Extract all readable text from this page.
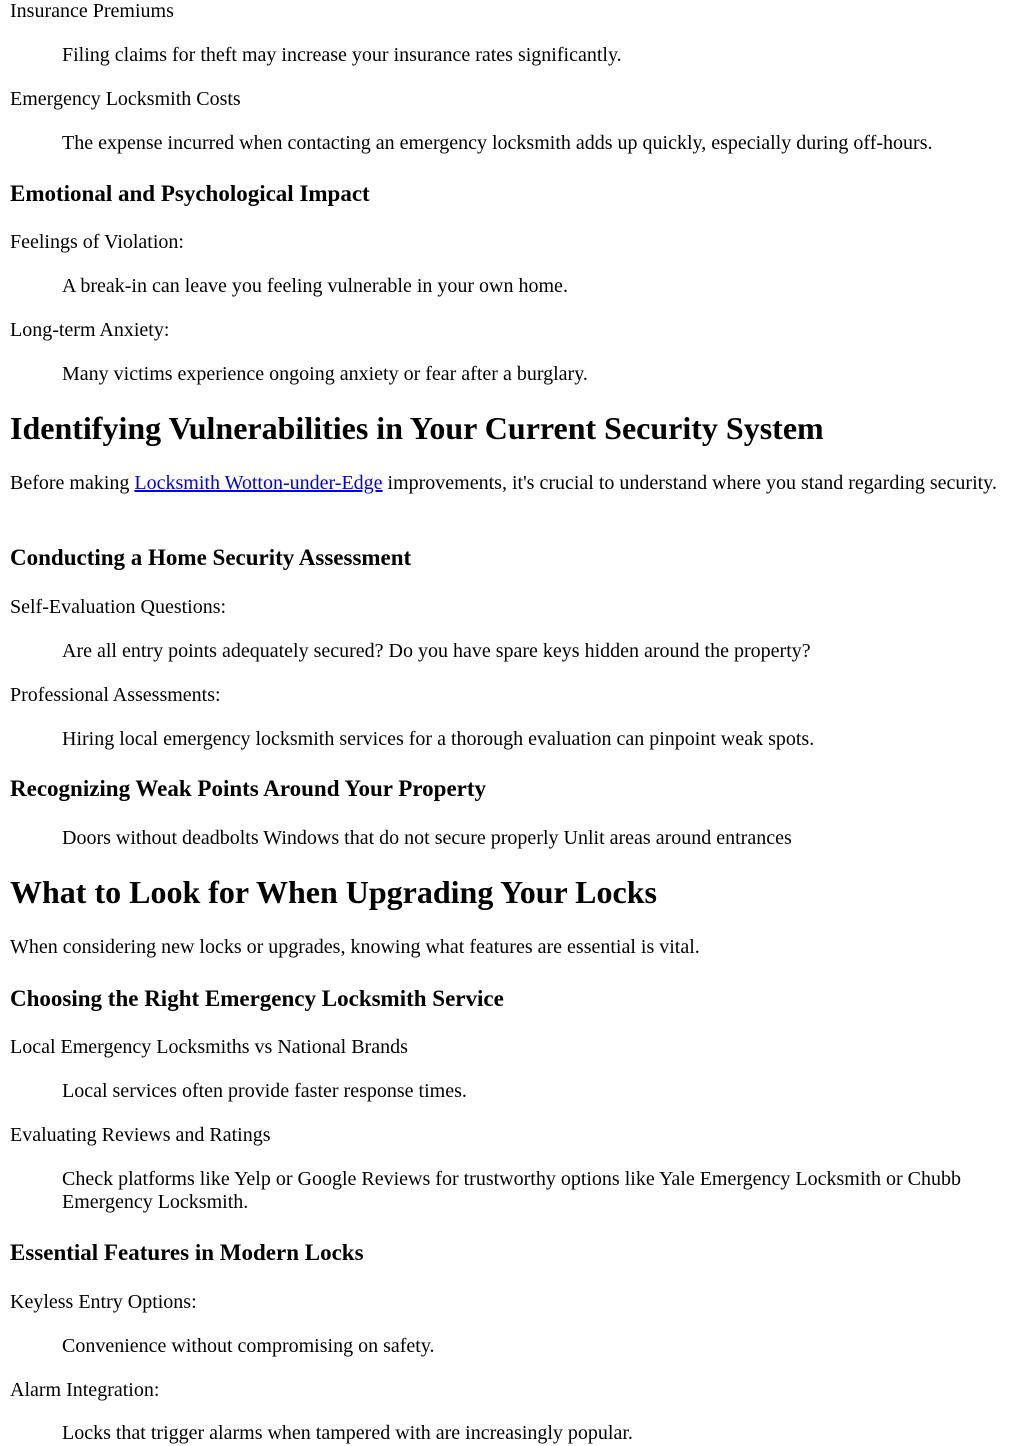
Insurance Premiums

Filing claims for theft may increase your insurance rates significantly.

Emergency Locksmith Costs

The expense incurred when contacting an emergency locksmith adds up quickly, especially during off-hours.

Emotional and Psychological Impact

Feelings of Violation:

A break-in can leave you feeling vulnerable in your own home.

Long-term Anxiety:

Many victims experience ongoing anxiety or fear after a burglary.

Identifying Vulnerabilities in Your Current Security System

Before making Locksmith Wotton-under-Edge improvements, it's crucial to understand where you stand regarding security.

Conducting a Home Security Assessment

Self-Evaluation Questions:

Are all entry points adequately secured? Do you have spare keys hidden around the property?

Professional Assessments:

Hiring local emergency locksmith services for a thorough evaluation can pinpoint weak spots.

Recognizing Weak Points Around Your Property

Doors without deadbolts Windows that do not secure properly Unlit areas around entrances

What to Look for When Upgrading Your Locks

When considering new locks or upgrades, knowing what features are essential is vital.

Choosing the Right Emergency Locksmith Service

Local Emergency Locksmiths vs National Brands

Local services often provide faster response times.

Evaluating Reviews and Ratings

Check platforms like Yelp or Google Reviews for trustworthy options like Yale Emergency Locksmith or Chubb Emergency Locksmith.

Essential Features in Modern Locks

Keyless Entry Options:

Convenience without compromising on safety.

Alarm Integration:

Locks that trigger alarms when tampered with are increasingly popular.
